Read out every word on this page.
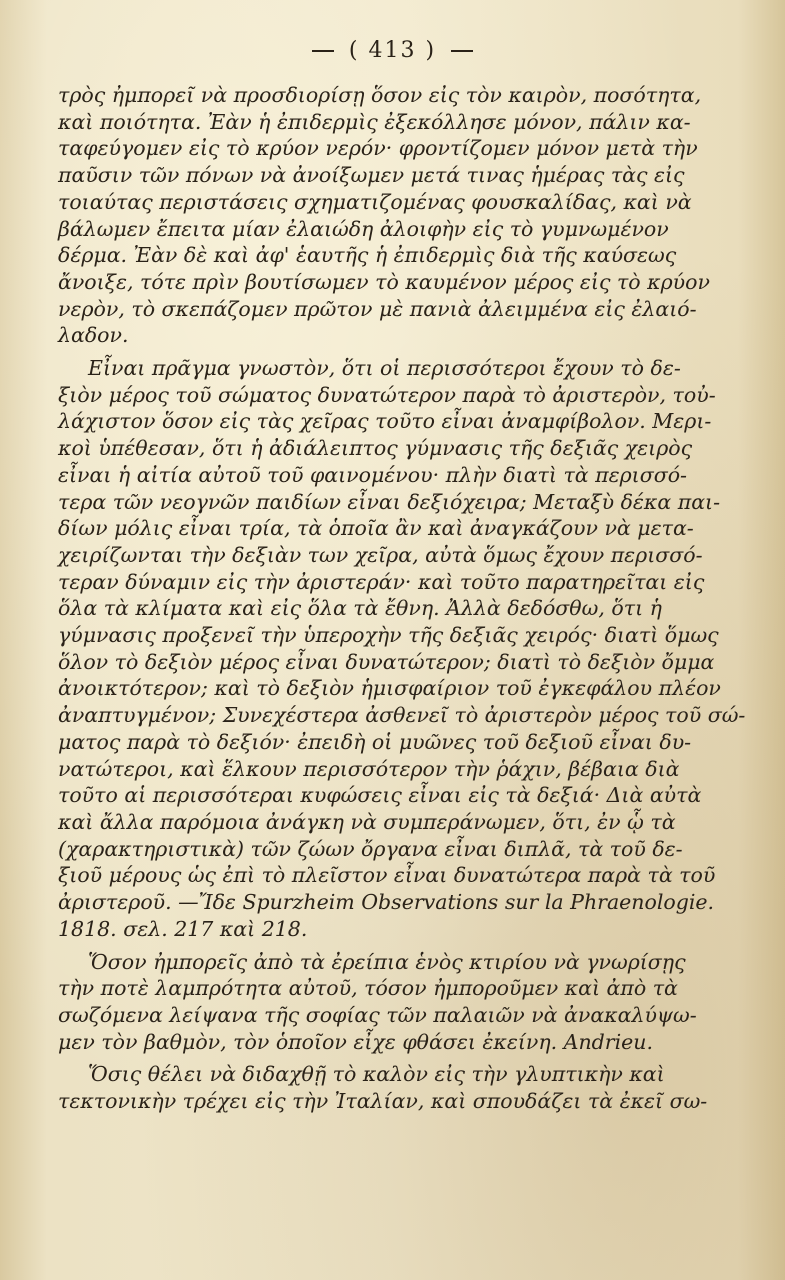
( 413 )
τρὸς ἠμπορεῖ νὰ προσδιορίσῃ ὅσον εἰς τὸν καιρὸν, ποσότητα,
καὶ ποιότητα. Ἐὰν ἡ ἐπιδερμὶς ἐξεκόλλησε μόνον, πάλιν κα-
ταφεύγομεν εἰς τὸ κρύον νερόν· φροντίζομεν μόνον μετὰ τὴν
παῦσιν τῶν πόνων νὰ ἀνοίξωμεν μετά τινας ἡμέρας τὰς εἰς
τοιαύτας περιστάσεις σχηματιζομένας φουσκαλίδας, καὶ νὰ
βάλωμεν ἔπειτα μίαν ἐλαιώδη ἀλοιφὴν εἰς τὸ γυμνωμένον
δέρμα. Ἐὰν δὲ καὶ ἀφ' ἑαυτῆς ἡ ἐπιδερμὶς διὰ τῆς καύσεως
ἄνοιξε, τότε πρὶν βουτίσωμεν τὸ καυμένον μέρος εἰς τὸ κρύον
νερὸν, τὸ σκεπάζομεν πρῶτον μὲ πανιὰ ἀλειμμένα εἰς ἐλαιό-
λαδον.
Εἶναι πρᾶγμα γνωστὸν, ὅτι οἱ περισσότεροι ἔχουν τὸ δε-
ξιὸν μέρος τοῦ σώματος δυνατώτερον παρὰ τὸ ἀριστερὸν, τοὐ-
λάχιστον ὅσον εἰς τὰς χεῖρας τοῦτο εἶναι ἀναμφίβολον. Μερι-
κοὶ ὑπέθεσαν, ὅτι ἡ ἀδιάλειπτος γύμνασις τῆς δεξιᾶς χειρὸς
εἶναι ἡ αἰτία αὐτοῦ τοῦ φαινομένου· πλὴν διατὶ τὰ περισσό-
τερα τῶν νεογνῶν παιδίων εἶναι δεξιόχειρα; Μεταξὺ δέκα παι-
δίων μόλις εἶναι τρία, τὰ ὁποῖα ἂν καὶ ἀναγκάζουν νὰ μετα-
χειρίζωνται τὴν δεξιὰν των χεῖρα, αὐτὰ ὅμως ἔχουν περισσό-
τεραν δύναμιν εἰς τὴν ἀριστεράν· καὶ τοῦτο παρατηρεῖται εἰς
ὅλα τὰ κλίματα καὶ εἰς ὅλα τὰ ἔθνη. Ἀλλὰ δεδόσθω, ὅτι ἡ
γύμνασις προξενεῖ τὴν ὑπεροχὴν τῆς δεξιᾶς χειρός· διατὶ ὅμως
ὅλον τὸ δεξιὸν μέρος εἶναι δυνατώτερον; διατὶ τὸ δεξιὸν ὄμμα
ἀνοικτότερον; καὶ τὸ δεξιὸν ἡμισφαίριον τοῦ ἐγκεφάλου πλέον
ἀναπτυγμένον; Συνεχέστερα ἀσθενεῖ τὸ ἀριστερὸν μέρος τοῦ σώ-
ματος παρὰ τὸ δεξιόν· ἐπειδὴ οἱ μυῶνες τοῦ δεξιοῦ εἶναι δυ-
νατώτεροι, καὶ ἕλκουν περισσότερον τὴν ῥάχιν, βέβαια διὰ
τοῦτο αἱ περισσότεραι κυφώσεις εἶναι εἰς τὰ δεξιά· Διὰ αὐτὰ
καὶ ἄλλα παρόμοια ἀνάγκη νὰ συμπεράνωμεν, ὅτι, ἐν ᾧ τὰ
(χαρακτηριστικὰ) τῶν ζώων ὄργανα εἶναι διπλᾶ, τὰ τοῦ δε-
ξιοῦ μέρους ὡς ἐπὶ τὸ πλεῖστον εἶναι δυνατώτερα παρὰ τὰ τοῦ
ἀριστεροῦ. —Ἴδε Spurzheim Observations sur la Phraenologie.
1818. σελ. 217 καὶ 218.
Ὅσον ἠμπορεῖς ἀπὸ τὰ ἐρείπια ἑνὸς κτιρίου νὰ γνωρίσῃς
τὴν ποτὲ λαμπρότητα αὐτοῦ, τόσον ἠμποροῦμεν καὶ ἀπὸ τὰ
σωζόμενα λείψανα τῆς σοφίας τῶν παλαιῶν νὰ ἀνακαλύψω-
μεν τὸν βαθμὸν, τὸν ὁποῖον εἶχε φθάσει ἐκείνη. Andrieu.
Ὅσις θέλει νὰ διδαχθῇ τὸ καλὸν εἰς τὴν γλυπτικὴν καὶ
τεκτονικὴν τρέχει εἰς τὴν Ἰταλίαν, καὶ σπουδάζει τὰ ἐκεῖ σω-
